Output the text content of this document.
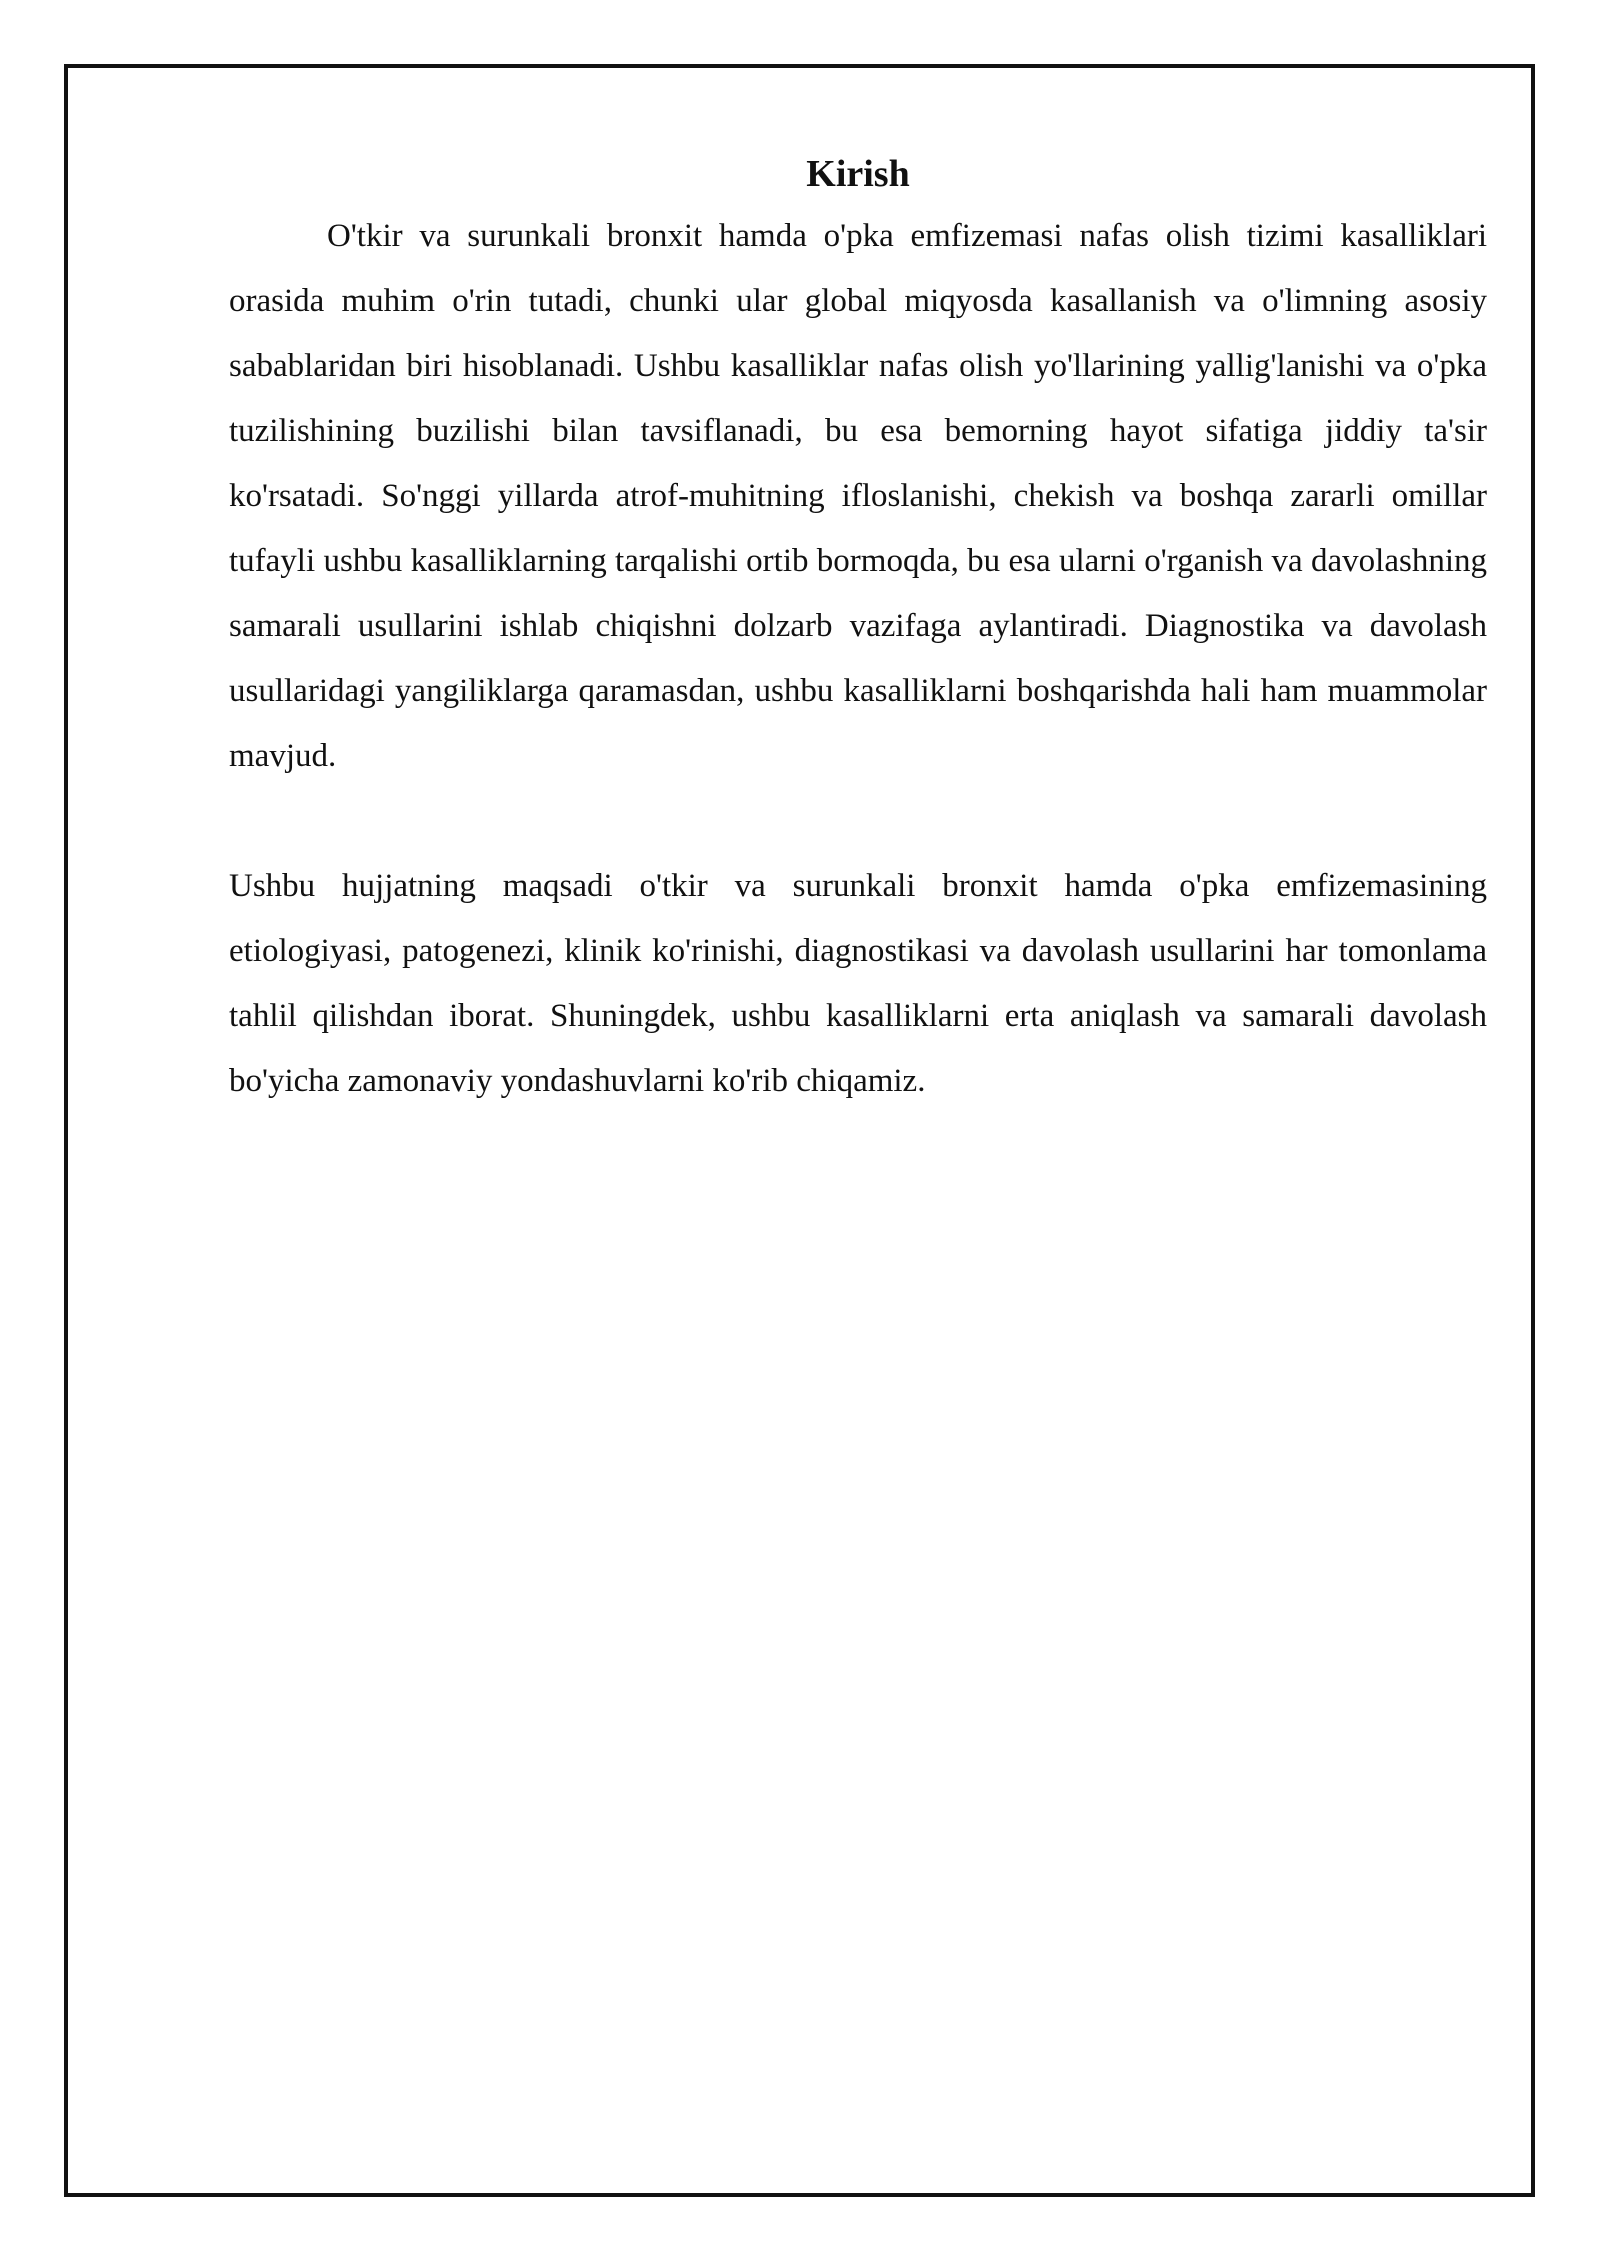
Kirish

O'tkir va surunkali bronxit hamda o'pka emfizemasi nafas olish tizimi kasalliklari orasida muhim o'rin tutadi, chunki ular global miqyosda kasallanish va o'limning asosiy sabablaridan biri hisoblanadi. Ushbu kasalliklar nafas olish yo'llarining yallig'lanishi va o'pka tuzilishining buzilishi bilan tavsiflanadi, bu esa bemorning hayot sifatiga jiddiy ta'sir ko'rsatadi. So'nggi yillarda atrof-muhitning ifloslanishi, chekish va boshqa zararli omillar tufayli ushbu kasalliklarning tarqalishi ortib bormoqda, bu esa ularni o'rganish va davolashning samarali usullarini ishlab chiqishni dolzarb vazifaga aylantiradi. Diagnostika va davolash usullaridagi yangiliklarga qaramasdan, ushbu kasalliklarni boshqarishda hali ham muammolar mavjud.

Ushbu hujjatning maqsadi o'tkir va surunkali bronxit hamda o'pka emfizemasining etiologiyasi, patogenezi, klinik ko'rinishi, diagnostikasi va davolash usullarini har tomonlama tahlil qilishdan iborat. Shuningdek, ushbu kasalliklarni erta aniqlash va samarali davolash bo'yicha zamonaviy yondashuvlarni ko'rib chiqamiz.
